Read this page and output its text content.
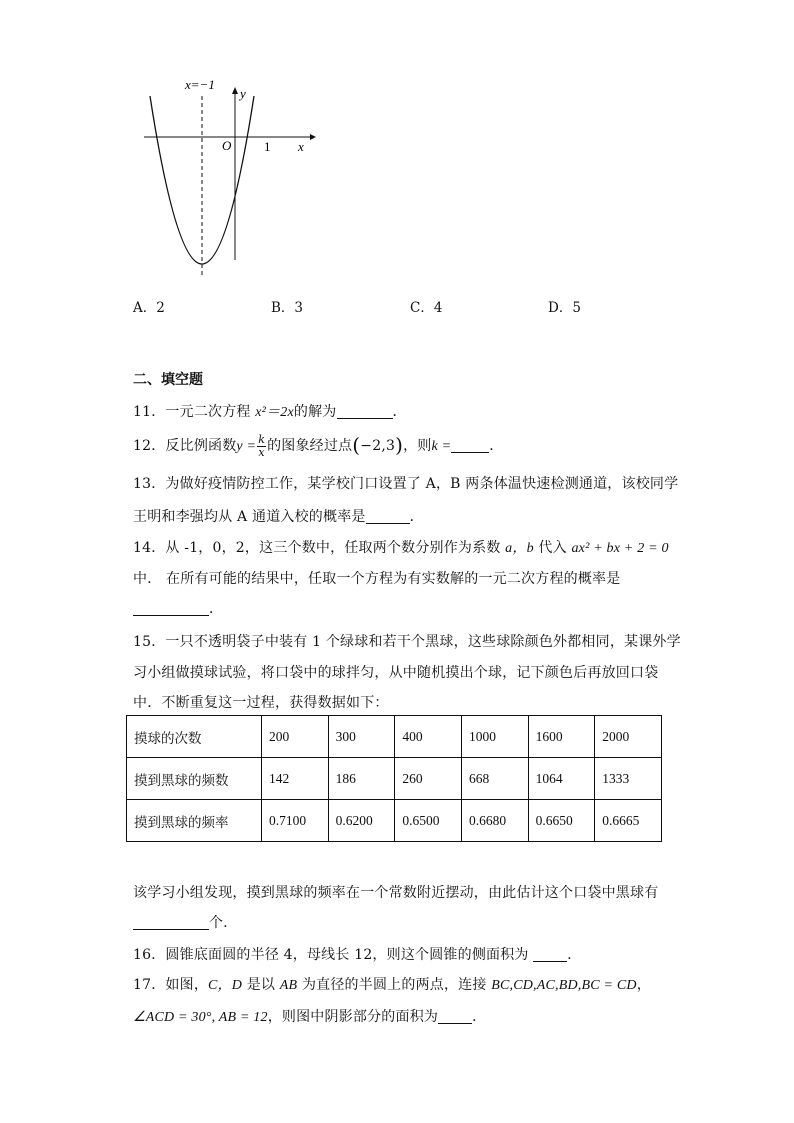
x=−1
y
x
O	1
A．2	B．3	C．4	D．5
二、填空题
11．一元二次方程 x²＝2x的解为	．
12．反比例函数$y = \frac{k}{x}$ 的图象经过点(−2,3)，则k =	．
13．为做好疫情防控工作，某学校门口设置了 A，B 两条体温快速检测通道，该校同学
王明和李强均从 A 通道入校的概率是	．
14．从 -1，0，2，这三个数中，任取两个数分别作为系数 a，b 代入 ax² + bx + 2 = 0
中． 在所有可能的结果中，任取一个方程为有实数解的一元二次方程的概率是
．
15．一只不透明袋子中装有 1 个绿球和若干个黑球，这些球除颜色外都相同，某课外学
习小组做摸球试验，将口袋中的球拌匀，从中随机摸出个球，记下颜色后再放回口袋
中．不断重复这一过程，获得数据如下：
摸球的次数	200	300	400	1000	1600	2000
摸到黑球的频数	142	186	260	668	1064	1333
摸到黑球的频率	0.7100	0.6200	0.6500	0.6680	0.6650	0.6665
该学习小组发现，摸到黑球的频率在一个常数附近摆动，由此估计这个口袋中黑球有
个．
16．圆锥底面圆的半径 4，母线长 12，则这个圆锥的侧面积为 ．
17．如图，C，D 是以 AB 为直径的半圆上的两点，连接 BC,CD,AC,BD,BC = CD，
∠ACD = 30°, AB = 12，则图中阴影部分的面积为 ．
